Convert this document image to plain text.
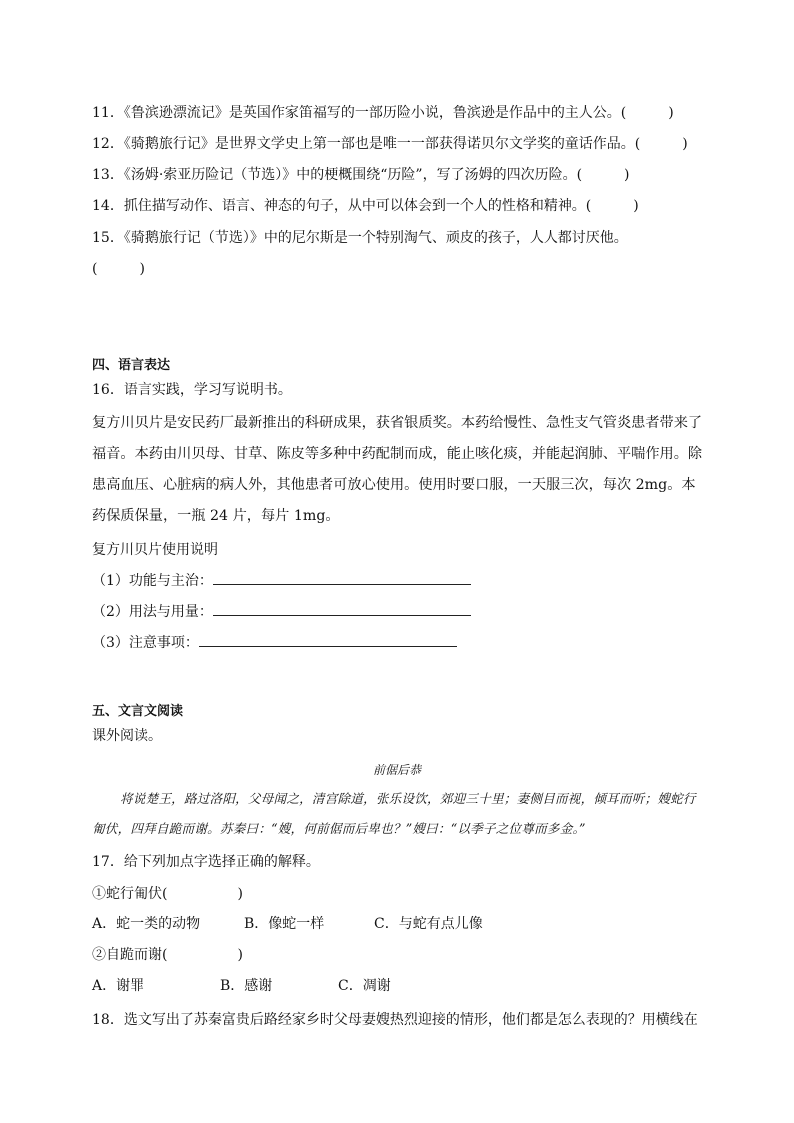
11．《鲁滨逊漂流记》是英国作家笛福写的一部历险小说，鲁滨逊是作品中的主人公。(　　　)
12．《骑鹅旅行记》是世界文学史上第一部也是唯一一部获得诺贝尔文学奖的童话作品。(　　　)
13．《汤姆·索亚历险记（节选）》中的梗概围绕“历险”，写了汤姆的四次历险。(　　　)
14．抓住描写动作、语言、神态的句子，从中可以体会到一个人的性格和精神。(　　　)
15．《骑鹅旅行记（节选）》中的尼尔斯是一个特别淘气、顽皮的孩子，人人都讨厌他。
(　　　)
四、语言表达
16．语言实践，学习写说明书。
复方川贝片是安民药厂最新推出的科研成果，获省银质奖。本药给慢性、急性支气管炎患者带来了福音。本药由川贝母、甘草、陈皮等多种中药配制而成，能止咳化痰，并能起润肺、平喘作用。除患高血压、心脏病的病人外，其他患者可放心使用。使用时要口服，一天服三次，每次 2mg。本药保质保量，一瓶 24 片，每片 1mg。
复方川贝片使用说明
（1）功能与主治：
（2）用法与用量：
（3）注意事项：
五、文言文阅读
课外阅读。
前倨后恭
将说楚王，路过洛阳，父母闻之，清宫除道，张乐设饮，郊迎三十里；妻侧目而视，倾耳而听；嫂蛇行匍伏，四拜自跪而谢。苏秦曰：“嫂，何前倨而后卑也？”嫂曰：“以季子之位尊而多金。”
17．给下列加点字选择正确的解释。
①蛇行匍伏(　　　　　)
A．蛇一类的动物	B．像蛇一样	C．与蛇有点儿像
②自跪而谢(　　　　　)
A．谢罪	B．感谢	C．凋谢
18．选文写出了苏秦富贵后路经家乡时父母妻嫂热烈迎接的情形，他们都是怎么表现的？用横线在
